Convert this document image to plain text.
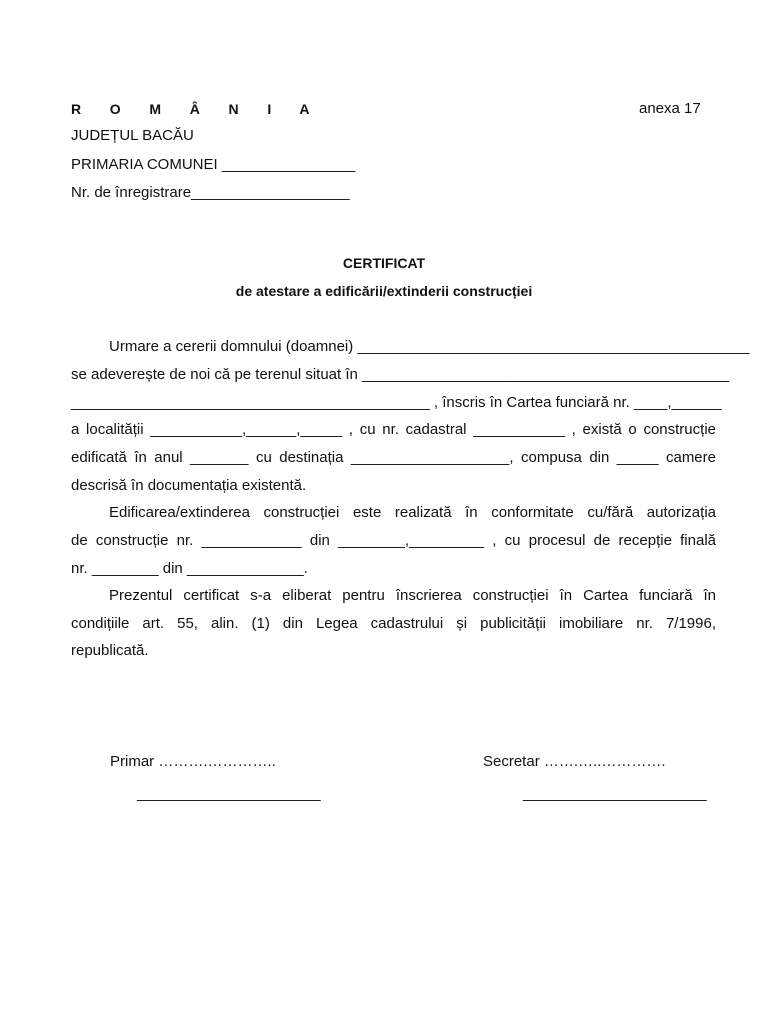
R O M Â N I A	anexa 17
JUDEȚUL BACĂU
PRIMARIA COMUNEI ________________
Nr. de înregistrare___________________
CERTIFICAT
de atestare a edificării/extinderii construcției
Urmare a cererii domnului (doamnei) _______________________________________________
se adeverește de noi că pe terenul situat în ____________________________________________
___________________________________________ , înscris în Cartea funciară nr. ____,______
a localității ___________,______,_____ , cu nr. cadastral ___________ , există o construcție
edificată în anul _______ cu destinația ___________________, compusa din _____ camere
descrisă în documentația existentă.
Edificarea/extinderea construcției este realizată în conformitate cu/fără autorizația
de construcție nr. ____________ din ________,_________ , cu procesul de recepție finală
nr. ________ din ______________.
Prezentul certificat s-a eliberat pentru înscrierea construcției în Cartea funciară în
condițiile art. 55, alin. (1) din Legea cadastrului și publicității imobiliare nr. 7/1996,
republicată.
Primar ……….…………..	Secretar …….…..………….
______________________	______________________
